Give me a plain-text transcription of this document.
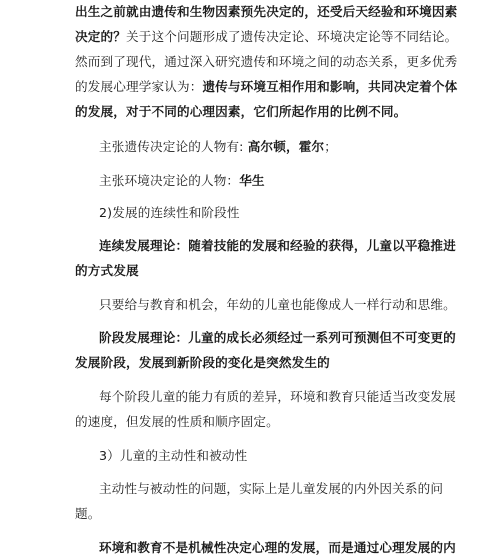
出生之前就由遗传和生物因素预先决定的，还受后天经验和环境因素
决定的？关于这个问题形成了遗传决定论、环境决定论等不同结论。
然而到了现代，通过深入研究遗传和环境之间的动态关系，更多优秀
的发展心理学家认为：遗传与环境互相作用和影响，共同决定着个体
的发展，对于不同的心理因素，它们所起作用的比例不同。
主张遗传决定论的人物有: 高尔顿，霍尔；
主张环境决定论的人物：华生
2)发展的连续性和阶段性
连续发展理论：随着技能的发展和经验的获得，儿童以平稳推进
的方式发展
只要给与教育和机会，年幼的儿童也能像成人一样行动和思维。
阶段发展理论：儿童的成长必须经过一系列可预测但不可变更的
发展阶段，发展到新阶段的变化是突然发生的
每个阶段儿童的能力有质的差异，环境和教育只能适当改变发展
的速度，但发展的性质和顺序固定。
3）儿童的主动性和被动性
主动性与被动性的问题，实际上是儿童发展的内外因关系的问
题。
环境和教育不是机械性决定心理的发展，而是通过心理发展的内
